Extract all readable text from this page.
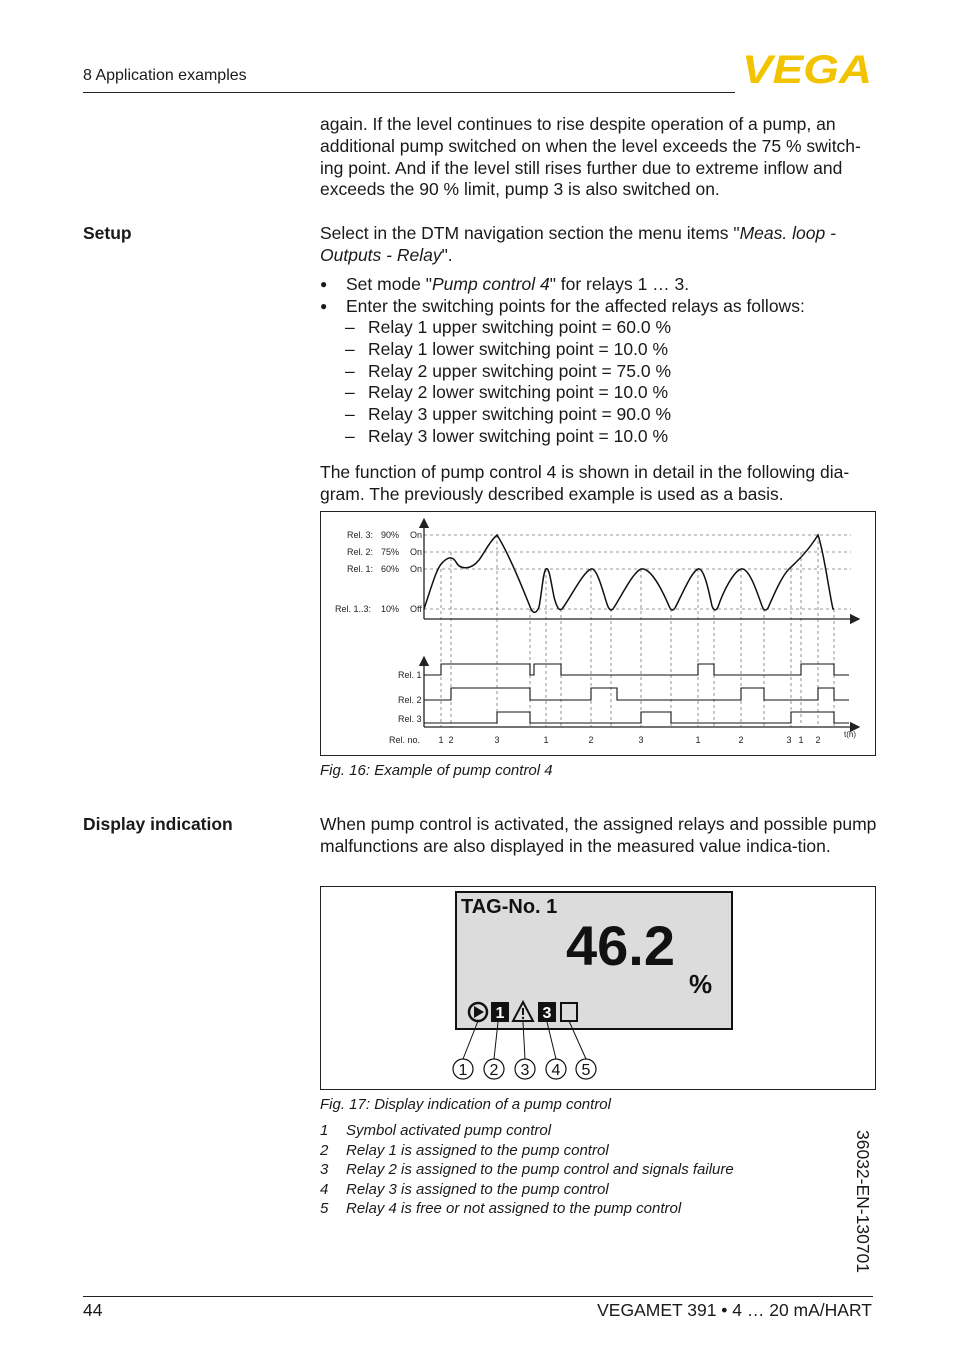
8 Application examples	VEGA
again. If the level continues to rise despite operation of a pump, an additional pump switched on when the level exceeds the 75 % switch-ing point. And if the level still rises further due to extreme inflow and exceeds the 90 % limit, pump 3 is also switched on.
Setup	Select in the DTM navigation section the menu items "Meas. loop - Outputs - Relay".
● Set mode "Pump control 4" for relays 1 … 3.
● Enter the switching points for the affected relays as follows:
– Relay 1 upper switching point = 60.0 %
– Relay 1 lower switching point = 10.0 %
– Relay 2 upper switching point = 75.0 %
– Relay 2 lower switching point = 10.0 %
– Relay 3 upper switching point = 90.0 %
– Relay 3 lower switching point = 10.0 %
The function of pump control 4 is shown in detail in the following dia-gram. The previously described example is used as a basis.
Rel. 3: 90% On
Rel. 2: 75% On
Rel. 1: 60% On
Rel. 1..3: 10% Off
Rel. 1
Rel. 2
Rel. 3
Rel. no.
t(h)
1 2	3	1	2	3	1	2	3 1 2
Fig. 16: Example of pump control 4
Display indication	When pump control is activated, the assigned relays and possible pump malfunctions are also displayed in the measured value indica-tion.
TAG-No. 1
46.2
%
1 3
1 2 3 4 5
Fig. 17: Display indication of a pump control
1 Symbol activated pump control
2 Relay 1 is assigned to the pump control
3 Relay 2 is assigned to the pump control and signals failure
4 Relay 3 is assigned to the pump control
5 Relay 4 is free or not assigned to the pump control	36032-EN-130701
44	VEGAMET 391 • 4 … 20 mA/HART
